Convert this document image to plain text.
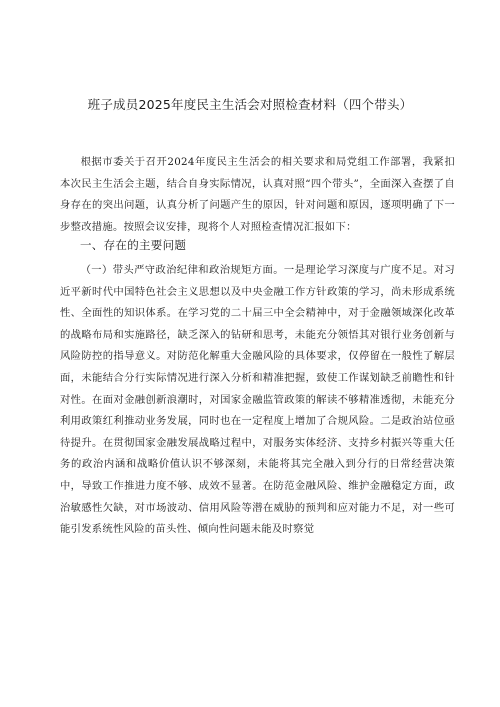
班子成员2025年度民主生活会对照检查材料（四个带头）

根据市委关于召开2024年度民主生活会的相关要求和局党组工作部署，我紧扣本次民主生活会主题，结合自身实际情况，认真对照“四个带头”，全面深入查摆了自身存在的突出问题，认真分析了问题产生的原因，针对问题和原因，逐项明确了下一步整改措施。按照会议安排，现将个人对照检查情况汇报如下：

一、存在的主要问题

（一）带头严守政治纪律和政治规矩方面。一是理论学习深度与广度不足。对习近平新时代中国特色社会主义思想以及中央金融工作方针政策的学习，尚未形成系统性、全面性的知识体系。在学习党的二十届三中全会精神中，对于金融领域深化改革的战略布局和实施路径，缺乏深入的钻研和思考，未能充分领悟其对银行业务创新与风险防控的指导意义。对防范化解重大金融风险的具体要求，仅停留在一般性了解层面，未能结合分行实际情况进行深入分析和精准把握，致使工作谋划缺乏前瞻性和针对性。在面对金融创新浪潮时，对国家金融监管政策的解读不够精准透彻，未能充分利用政策红利推动业务发展，同时也在一定程度上增加了合规风险。二是政治站位亟待提升。在贯彻国家金融发展战略过程中，对服务实体经济、支持乡村振兴等重大任务的政治内涵和战略价值认识不够深刻，未能将其完全融入到分行的日常经营决策中，导致工作推进力度不够、成效不显著。在防范金融风险、维护金融稳定方面，政治敏感性欠缺，对市场波动、信用风险等潜在威胁的预判和应对能力不足，对一些可能引发系统性风险的苗头性、倾向性问题未能及时察觉
